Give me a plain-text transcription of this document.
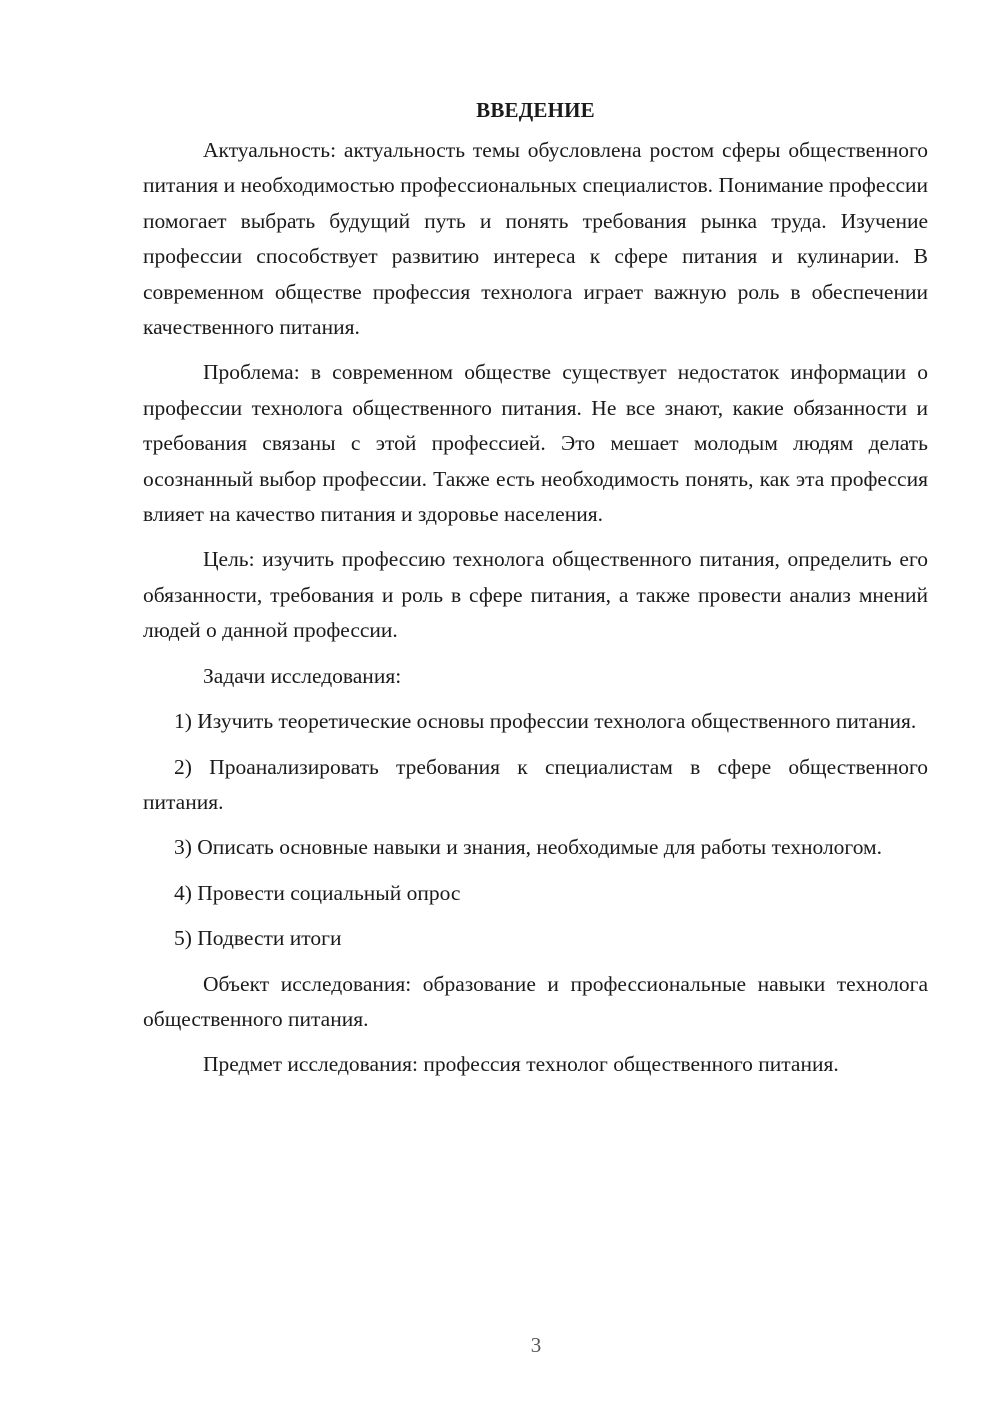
ВВЕДЕНИЕ

Актуальность: актуальность темы обусловлена ростом сферы общественного питания и необходимостью профессиональных специалистов. Понимание профессии помогает выбрать будущий путь и понять требования рынка труда. Изучение профессии способствует развитию интереса к сфере питания и кулинарии. В современном обществе профессия технолога играет важную роль в обеспечении качественного питания.

Проблема: в современном обществе существует недостаток информации о профессии технолога общественного питания. Не все знают, какие обязанности и требования связаны с этой профессией. Это мешает молодым людям делать осознанный выбор профессии. Также есть необходимость понять, как эта профессия влияет на качество питания и здоровье населения.

Цель: изучить профессию технолога общественного питания, определить его обязанности, требования и роль в сфере питания, а также провести анализ мнений людей о данной профессии.

Задачи исследования:

1) Изучить теоретические основы профессии технолога общественного питания.

2) Проанализировать требования к специалистам в сфере общественного питания.

3) Описать основные навыки и знания, необходимые для работы технологом.

4) Провести социальный опрос

5) Подвести итоги

Объект исследования: образование и профессиональные навыки технолога общественного питания.

Предмет исследования: профессия технолог общественного питания.

3
